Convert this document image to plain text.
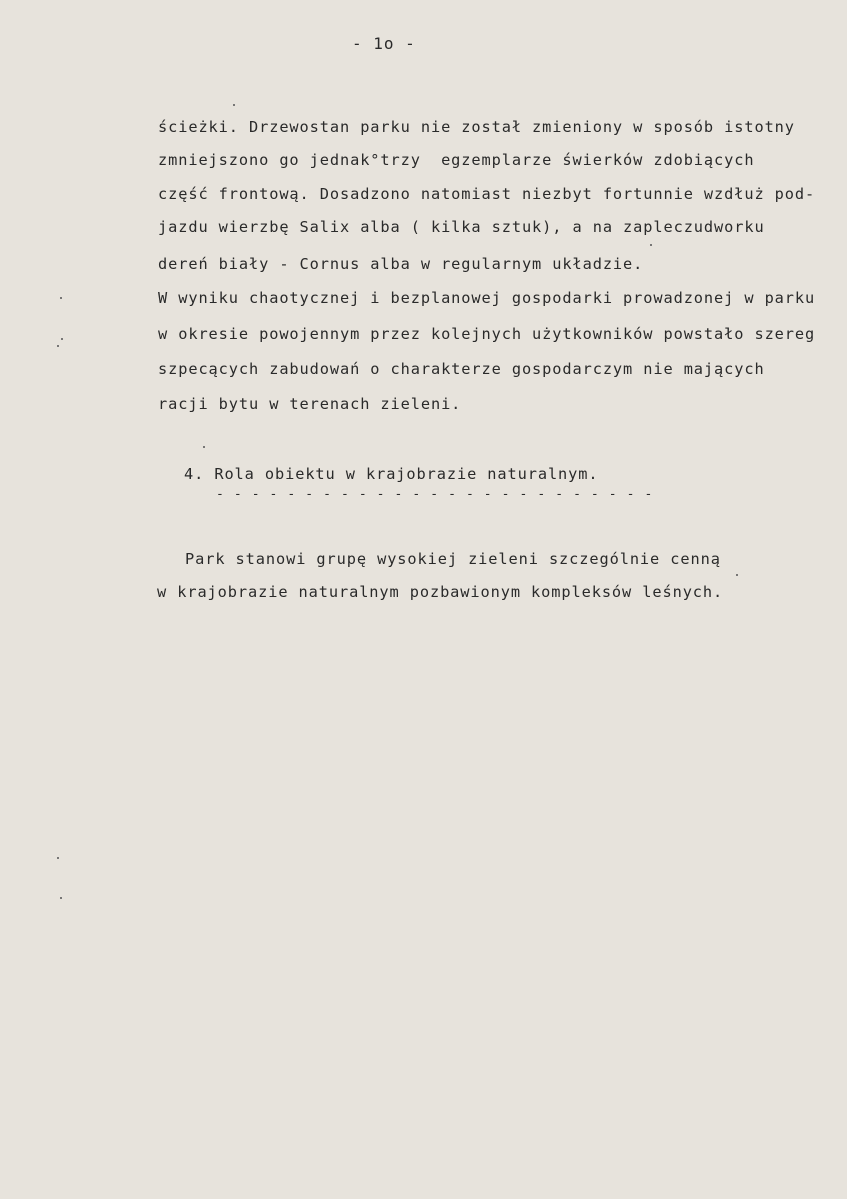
- 1o -
ścieżki. Drzewostan parku nie został zmieniony w sposób istotny
zmniejszono go jednak°trzy  egzemplarze świerków zdobiących
część frontową. Dosadzono natomiast niezbyt fortunnie wzdłuż pod-
jazdu wierzbę Salix alba ( kilka sztuk), a na zapleczudworku
dereń biały - Cornus alba w regularnym układzie.
W wyniku chaotycznej i bezplanowej gospodarki prowadzonej w parku
w okresie powojennym przez kolejnych użytkowników powstało szereg
szpecących zabudowań o charakterze gospodarczym nie mających
racji bytu w terenach zieleni.
4. Rola obiektu w krajobrazie naturalnym.
- - - - - - - - - - - - - - - - - - - - - - - - -
Park stanowi grupę wysokiej zieleni szczególnie cenną
w krajobrazie naturalnym pozbawionym kompleksów leśnych.
